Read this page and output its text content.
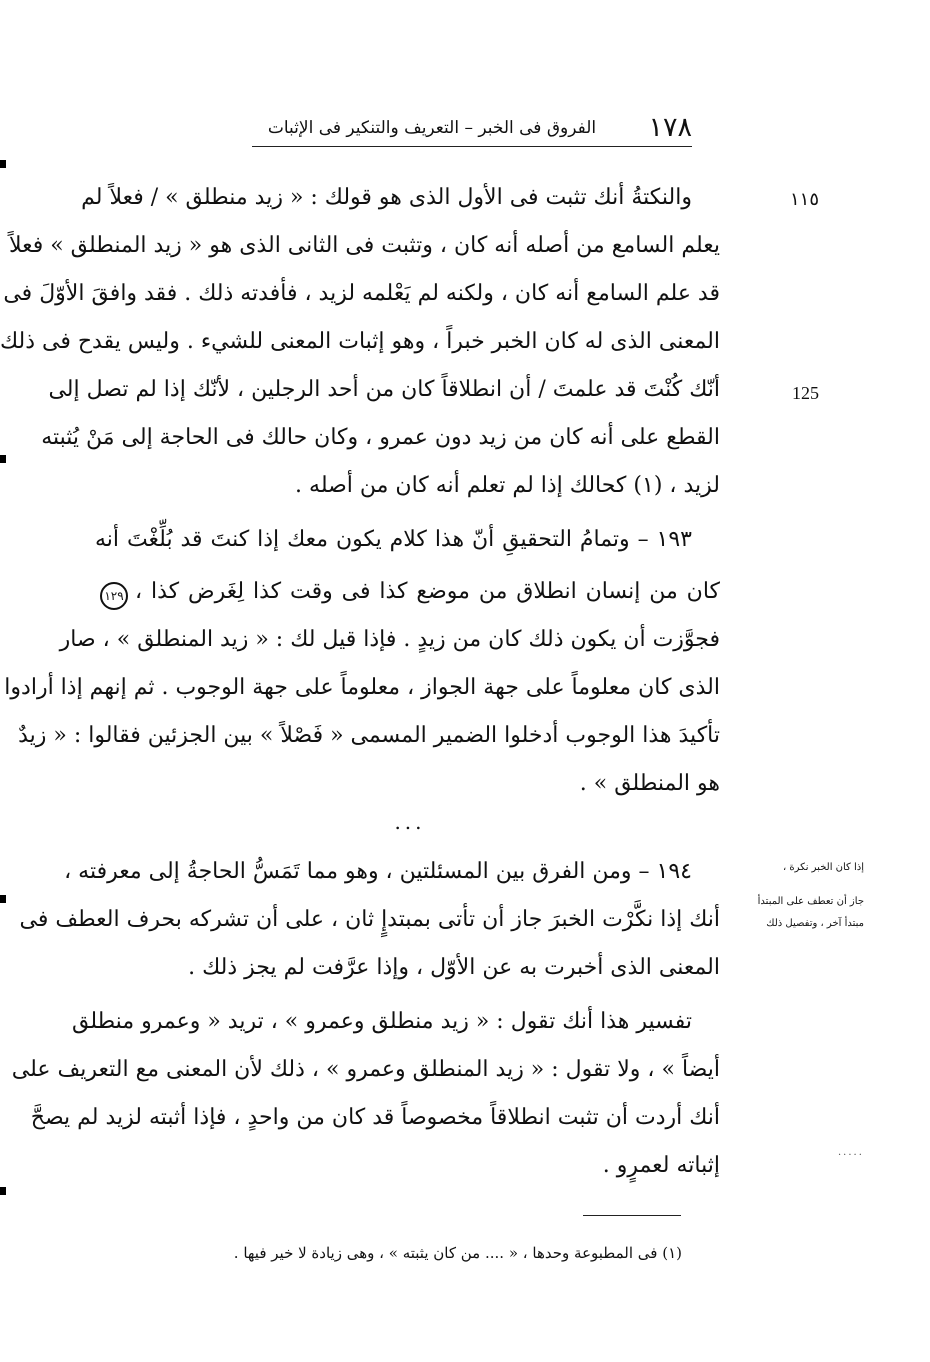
١٧٨
الفروق فى الخبر – التعريف والتنكير فى الإثبات
١١٥
125
والنكتةُ أنك تثبت فى الأول الذى هو قولك : « زيد منطلق » / فعلاً لم
يعلم السامع من أصله أنه كان ، وتثبت فى الثانى الذى هو « زيد المنطلق » فعلاً
قد علم السامع أنه كان ، ولكنه لم يَعْلمه لزيد ، فأفدته ذلك . فقد وافقَ الأوّلَ فى
المعنى الذى له كان الخبر خبراً ، وهو إثبات المعنى للشيء . وليس يقدح فى ذلك
أنّك كُنْتَ قد علمتَ / أن انطلاقاً كان من أحد الرجلين ، لأنّك إذا لم تصل إلى
القطع على أنه كان من زيد دون عمرو ، وكان حالك فى الحاجة إلى مَنْ يُثبته
لزيد ، (١) كحالك إذا لم تعلم أنه كان من أصله .
١٩٣ – وتمامُ التحقيقِ أنّ هذا كلام يكون معك إذا كنتَ قد بُلِّغْتَ أنه
كان من إنسان انطلاق من موضع كذا فى وقت كذا لِغَرض كذا ،
فجوَّزت أن يكون ذلك كان من زيدٍ . فإذا قيل لك : « زيد المنطلق » ، صار
الذى كان معلوماً على جهة الجواز ، معلوماً على جهة الوجوب . ثم إنهم إذا أرادوا
تأكيدَ هذا الوجوب أدخلوا الضمير المسمى « فَصْلاً » بين الجزئين فقالوا : « زيدٌ
هو المنطلق » .
١٢٩
...
١٩٤ – ومن الفرق بين المسئلتين ، وهو مما تَمَسُّ الحاجةُ إلى معرفته ،
أنك إذا نكَّرْت الخبرَ جاز أن تأتى بمبتدإٍ ثان ، على أن تشركه بحرف العطف فى
المعنى الذى أخبرت به عن الأوّل ، وإذا عرَّفت لم يجز ذلك .
إذا كان الخبر نكرة ،
جاز أن تعطف على المبتدأ
مبتدأ آخر ، وتفصيل ذلك
تفسير هذا أنك تقول : « زيد منطلق وعمرو » ، تريد « وعمرو منطلق
أيضاً » ، ولا تقول : « زيد المنطلق وعمرو » ، ذلك لأن المعنى مع التعريف على
أنك أردت أن تثبت انطلاقاً مخصوصاً قد كان من واحدٍ ، فإذا أثبته لزيد لم يصحَّ
إثباته لعمرٍو .	·····
(١) فى المطبوعة وحدها ، « .... من كان يثبته » ، وهى زيادة لا خير فيها .
